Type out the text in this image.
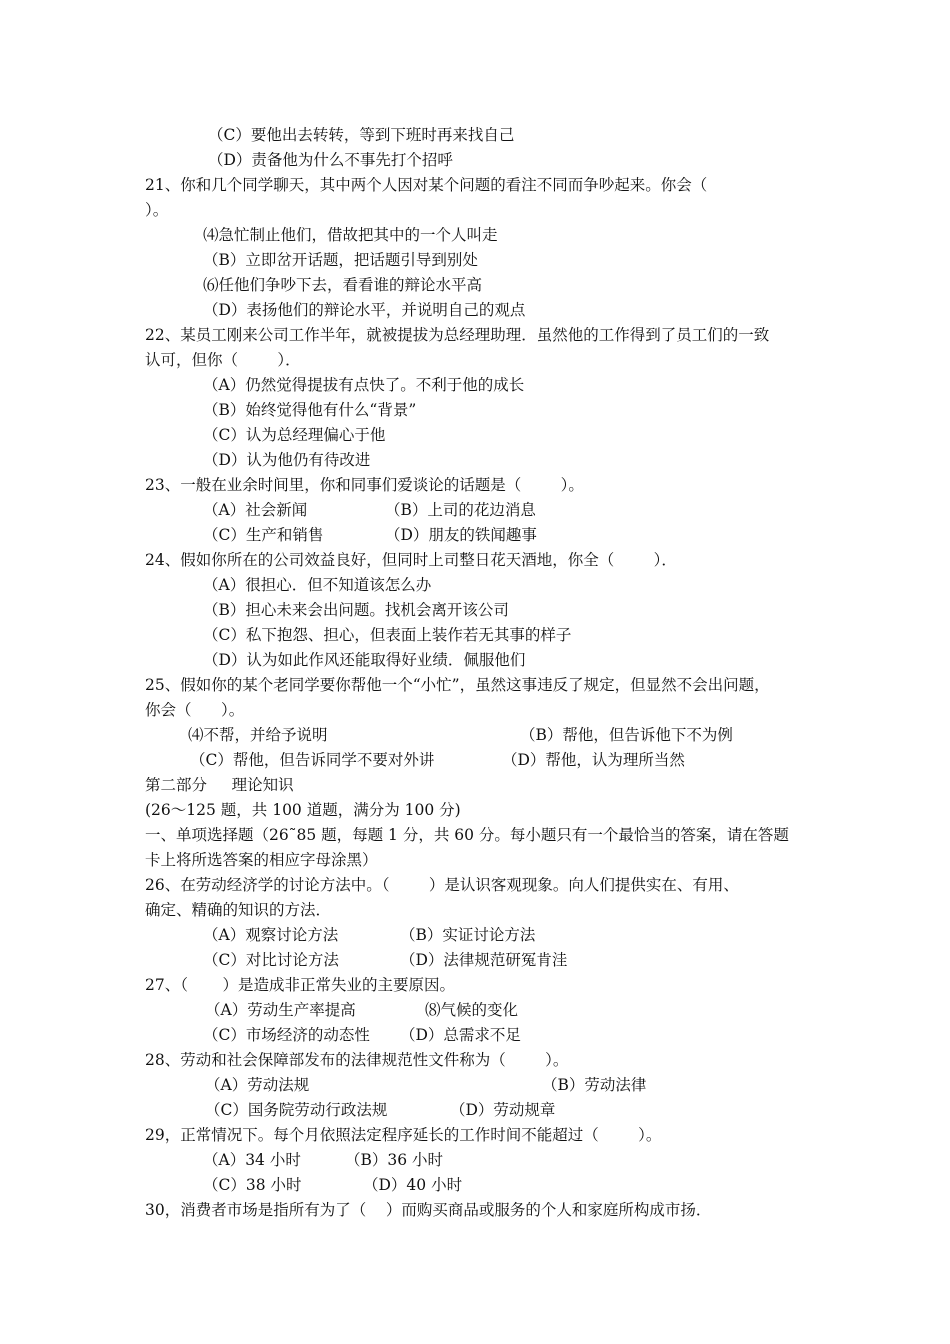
（C）要他出去转转，等到下班时再来找自己
（D）责备他为什么不事先打个招呼
21、你和几个同学聊天，其中两个人因对某个问题的看注不同而争吵起来。你会（
）。
⑷急忙制止他们，借故把其中的一个人叫走
（B）立即岔开话题，把话题引导到别处
⑹任他们争吵下去，看看谁的辩论水平高
（D）表扬他们的辩论水平，并说明自己的观点
22、某员工刚来公司工作半年，就被提拔为总经理助理．虽然他的工作得到了员工们的一致
认可，但你（        ）．
（A）仍然觉得提拔有点快了。不利于他的成长
（B）始终觉得他有什么“背景”
（C）认为总经理偏心于他
（D）认为他仍有待改进
23、一般在业余时间里，你和同事们爱谈论的话题是（        ）。
（A）社会新闻	（B）上司的花边消息
（C）生产和销售	（D）朋友的铁闻趣事
24、假如你所在的公司效益良好，但同时上司整日花天酒地，你全（        ）．
（A）很担心．但不知道该怎么办
（B）担心未来会出问题。找机会离开该公司
（C）私下抱怨、担心，但表面上装作若无其事的样子
（D）认为如此作风还能取得好业绩．佩服他们
25、假如你的某个老同学要你帮他一个“小忙”，虽然这事违反了规定，但显然不会出问题，
你会（      ）。
⑷不帮，并给予说明	（B）帮他，但告诉他下不为例
（C）帮他，但告诉同学不要对外讲	（D）帮他，认为理所当然
第二部分     理论知识
(26～125 题，共 100 道题，满分为 100 分)
一、单项选择题（26˜85 题，每题 1 分，共 60 分。每小题只有一个最恰当的答案，请在答题
卡上将所选答案的相应字母涂黑）
26、在劳动经济学的讨论方法中。（        ）是认识客观现象。向人们提供实在、有用、
确定、精确的知识的方法．
（A）观察讨论方法	（B）实证讨论方法
（C）对比讨论方法	（D）法律规范研冤肯洼
27、（       ）是造成非正常失业的主要原因。
（A）劳动生产率提高	⑻气候的变化
（C）市场经济的动态性 （D）总需求不足
28、劳动和社会保障部发布的法律规范性文件称为（        ）。
（A）劳动法规	（B）劳动法律
（C）国务院劳动行政法规	（D）劳动规章
29，正常情况下。每个月依照法定程序延长的工作时间不能超过（        ）。
（A）34 小时	（B）36 小时
（C）38 小时	（D）40 小时
30，消费者市场是指所有为了（    ）而购买商品或服务的个人和家庭所构成市扬．
